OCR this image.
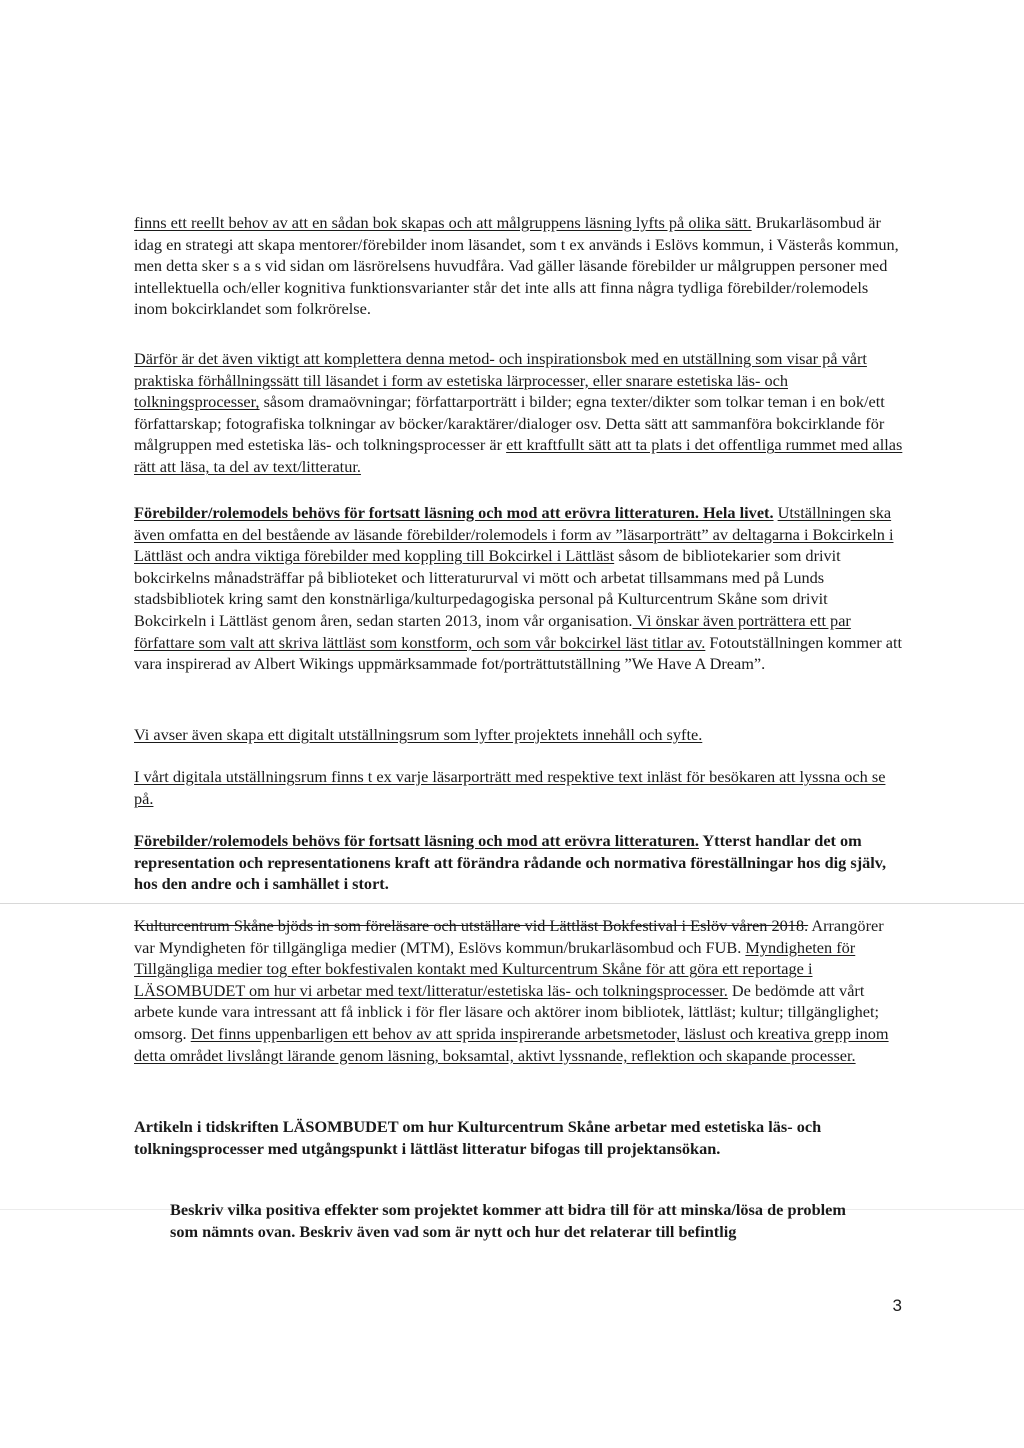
finns ett reellt behov av att en sådan bok skapas och att målgruppens läsning lyfts på olika sätt. Brukarläsombud är idag en strategi att skapa mentorer/förebilder inom läsandet, som t ex används i Eslövs kommun, i Västerås kommun, men detta sker s a s vid sidan om läsrörelsens huvudfåra. Vad gäller läsande förebilder ur målgruppen personer med intellektuella och/eller kognitiva funktionsvarianter står det inte alls att finna några tydliga förebilder/rolemodels inom bokcirklandet som folkrörelse.

Därför är det även viktigt att komplettera denna metod- och inspirationsbok med en utställning som visar på vårt praktiska förhållningssätt till läsandet i form av estetiska lärprocesser, eller snarare estetiska läs- och tolkningsprocesser, såsom dramaövningar; författarporträtt i bilder; egna texter/dikter som tolkar teman i en bok/ett författarskap; fotografiska tolkningar av böcker/karaktärer/dialoger osv. Detta sätt att sammanföra bokcirklande för målgruppen med estetiska läs- och tolkningsprocesser är ett kraftfullt sätt att ta plats i det offentliga rummet med allas rätt att läsa, ta del av text/litteratur.

Förebilder/rolemodels behövs för fortsatt läsning och mod att erövra litteraturen. Hela livet. Utställningen ska även omfatta en del bestående av läsande förebilder/rolemodels i form av ”läsarporträtt” av deltagarna i Bokcirkeln i Lättläst och andra viktiga förebilder med koppling till Bokcirkel i Lättläst såsom de bibliotekarier som drivit bokcirkelns månadsträffar på biblioteket och litteratururval vi mött och arbetat tillsammans med på Lunds stadsbibliotek kring samt den konstnärliga/kulturpedagogiska personal på Kulturcentrum Skåne som drivit Bokcirkeln i Lättläst genom åren, sedan starten 2013, inom vår organisation. Vi önskar även porträttera ett par författare som valt att skriva lättläst som konstform, och som vår bokcirkel läst titlar av. Fotoutställningen kommer att vara inspirerad av Albert Wikings uppmärksammade fot/porträttutställning ”We Have A Dream”.

Vi avser även skapa ett digitalt utställningsrum som lyfter projektets innehåll och syfte.

I vårt digitala utställningsrum finns t ex varje läsarporträtt med respektive text inläst för besökaren att lyssna och se på.

Förebilder/rolemodels behövs för fortsatt läsning och mod att erövra litteraturen. Ytterst handlar det om representation och representationens kraft att förändra rådande och normativa föreställningar hos dig själv, hos den andre och i samhället i stort.

Kulturcentrum Skåne bjöds in som föreläsare och utställare vid Lättläst Bokfestival i Eslöv våren 2018. Arrangörer var Myndigheten för tillgängliga medier (MTM), Eslövs kommun/brukarläsombud och FUB. Myndigheten för Tillgängliga medier tog efter bokfestivalen kontakt med Kulturcentrum Skåne för att göra ett reportage i LÄSOMBUDET om hur vi arbetar med text/litteratur/estetiska läs- och tolkningsprocesser. De bedömde att vårt arbete kunde vara intressant att få inblick i för fler läsare och aktörer inom bibliotek, lättläst; kultur; tillgänglighet; omsorg. Det finns uppenbarligen ett behov av att sprida inspirerande arbetsmetoder, läslust och kreativa grepp inom detta området livslångt lärande genom läsning, boksamtal, aktivt lyssnande, reflektion och skapande processer.

Artikeln i tidskriften LÄSOMBUDET om hur Kulturcentrum Skåne arbetar med estetiska läs- och tolkningsprocesser med utgångspunkt i lättläst litteratur bifogas till projektansökan.

Beskriv vilka positiva effekter som projektet kommer att bidra till för att minska/lösa de problem som nämnts ovan. Beskriv även vad som är nytt och hur det relaterar till befintlig

3
